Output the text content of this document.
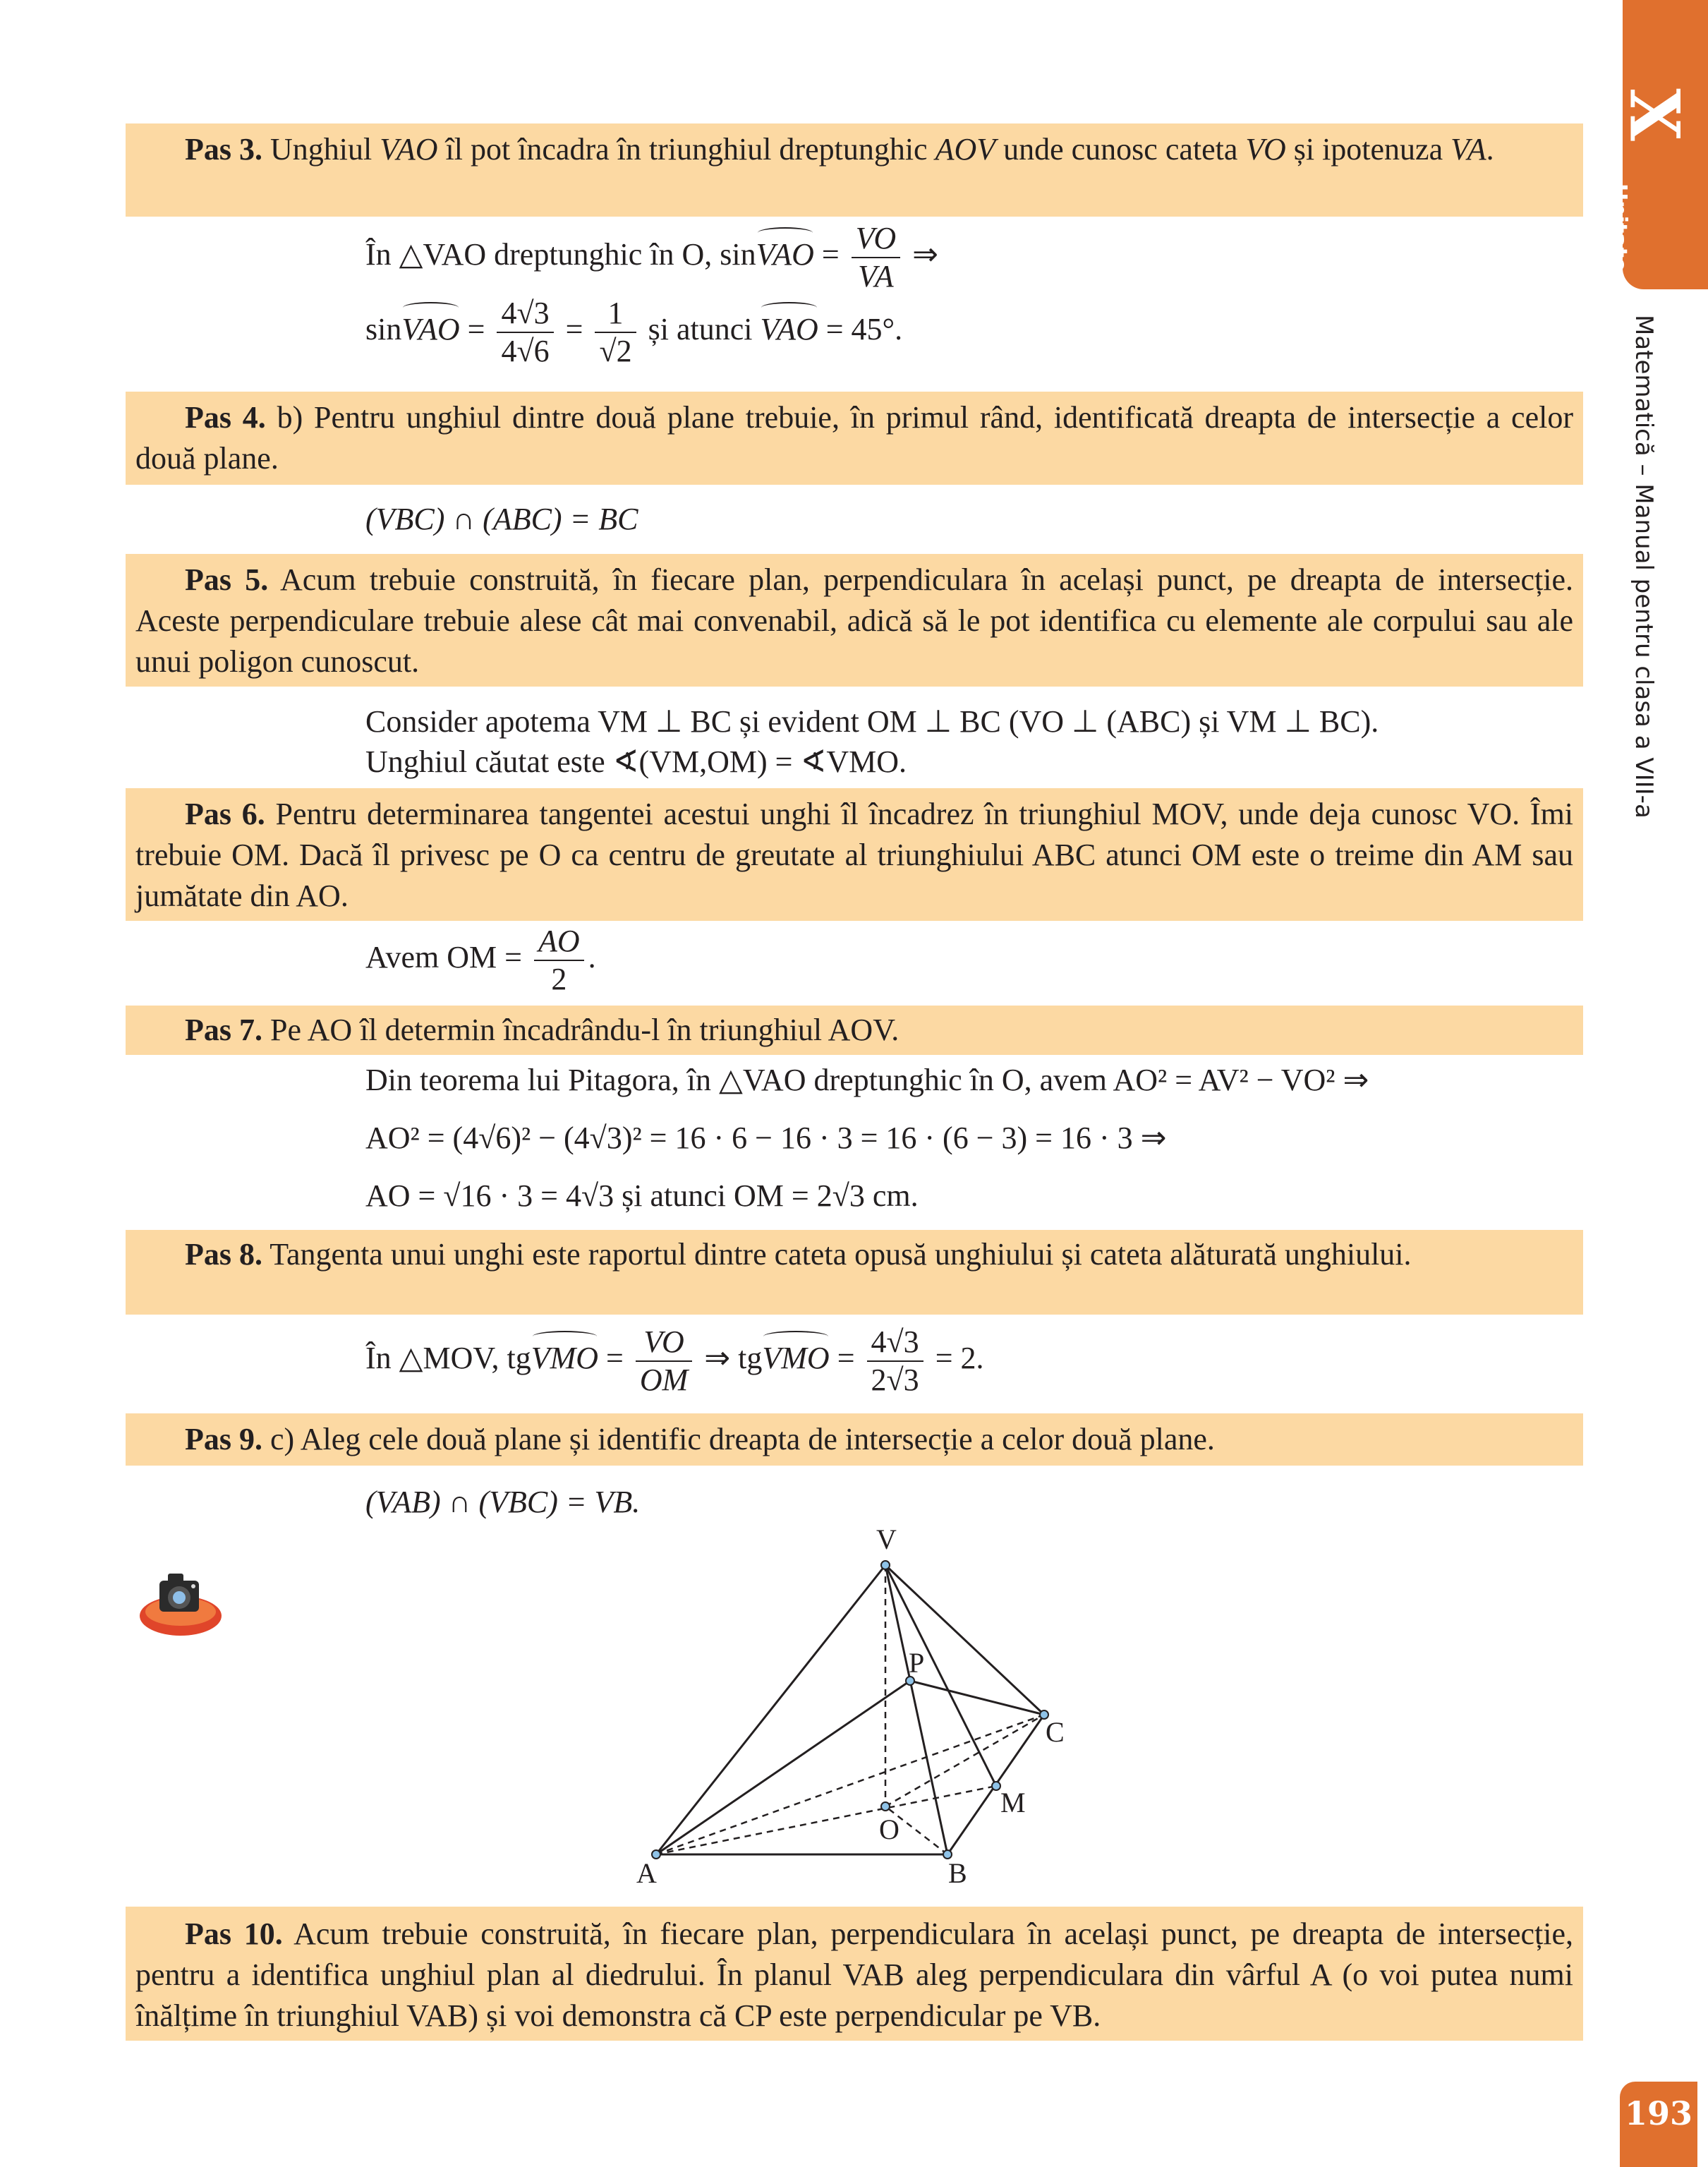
X
Unitatea
Matematică – Manual pentru clasa a VIII-a
Pas 3. Unghiul VAO îl pot încadra în triunghiul dreptunghic AOV unde cunosc cateta VO și ipotenuza VA.
În △VAO dreptunghic în O, sinVAO = $\frac{VO}{VA}$ ⇒
sinVAO = $\frac{4√3}{4√6} = \frac{1}{√2}$ și atunci VAO = 45°.
Pas 4. b) Pentru unghiul dintre două plane trebuie, în primul rând, identificată dreapta de intersecție a celor două plane.
(VBC) ∩ (ABC) = BC
Pas 5. Acum trebuie construită, în fiecare plan, perpendiculara în același punct, pe dreapta de intersecție. Aceste perpendiculare trebuie alese cât mai convenabil, adică să le pot identifica cu elemente ale corpului sau ale unui poligon cunoscut.
Consider apotema VM ⊥ BC și evident OM ⊥ BC (VO ⊥ (ABC) și VM ⊥ BC).
Unghiul căutat este ∢(VM,OM) = ∢VMO.
Pas 6. Pentru determinarea tangentei acestui unghi îl încadrez în triunghiul MOV, unde deja cunosc VO. Îmi trebuie OM. Dacă îl privesc pe O ca centru de greutate al triunghiului ABC atunci OM este o treime din AM sau jumătate din AO.
Avem OM = $\frac{AO}{2}$ .
Pas 7. Pe AO îl determin încadrându-l în triunghiul AOV.
Din teorema lui Pitagora, în △VAO dreptunghic în O, avem AO² = AV² − VO² ⇒
AO² = (4√6)² − (4√3)² = 16 · 6 − 16 · 3 = 16 · (6 − 3) = 16 · 3 ⇒
AO = √16 · 3 = 4√3 și atunci OM = 2√3 cm.
Pas 8. Tangenta unui unghi este raportul dintre cateta opusă unghiului și cateta alăturată unghiului.
În △MOV, tgVMO = $\frac{VO}{OM}$ ⇒ tgVMO = $\frac{4√3}{2√3} = 2$.
Pas 9. c) Aleg cele două plane și identific dreapta de intersecție a celor două plane.
(VAB) ∩ (VBC) = VB.
V
P
C
M
O
A	B
Pas 10. Acum trebuie construită, în fiecare plan, perpendiculara în același punct, pe dreapta de intersecție, pentru a identifica unghiul plan al diedrului. În planul VAB aleg perpendiculara din vârful A (o voi putea numi înălțime în triunghiul VAB) și voi demonstra că CP este perpendicular pe VB.
193
